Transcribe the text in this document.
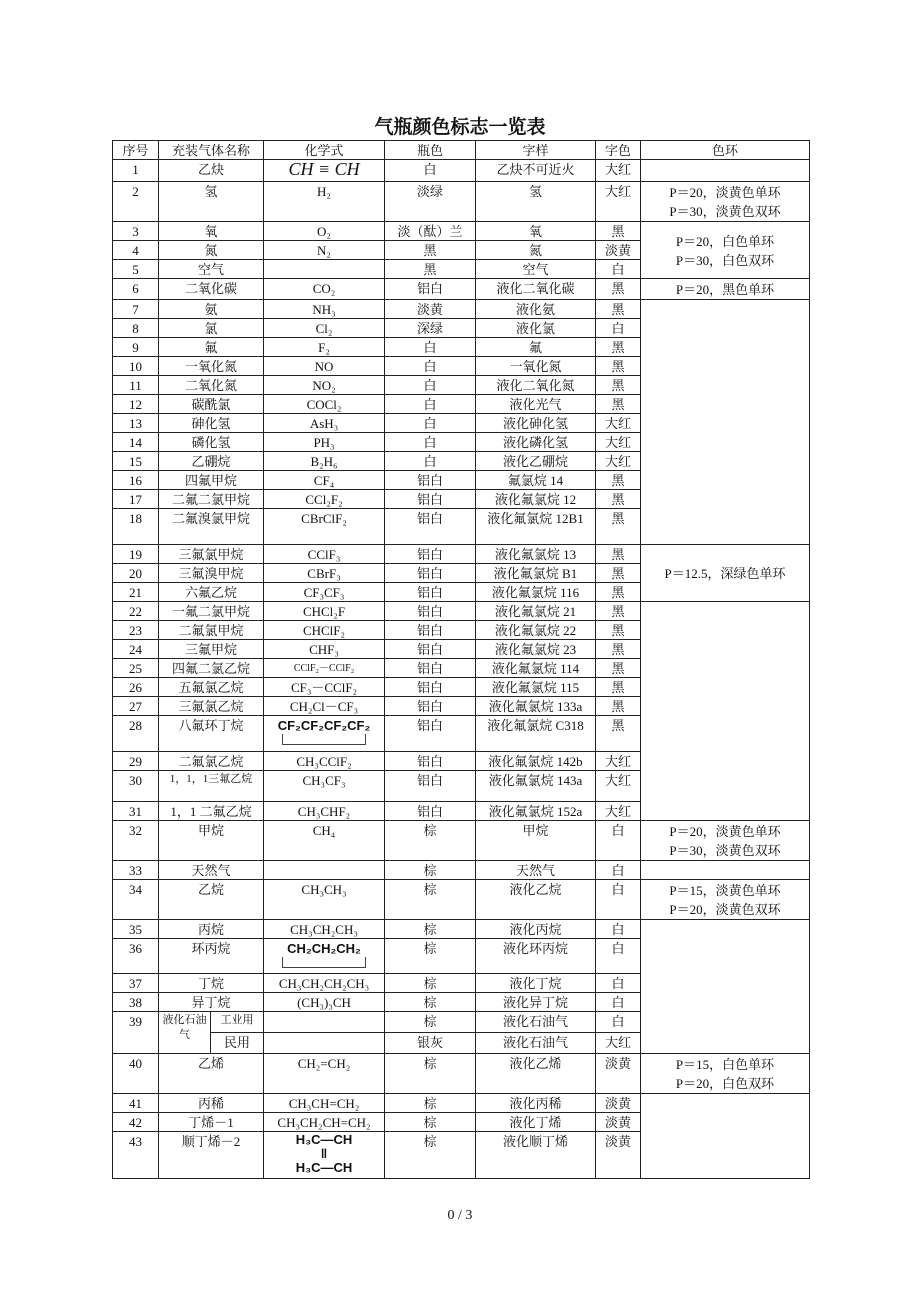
气瓶颜色标志一览表
序号	充装气体名称		化学式	瓶色	字样	字色	色环
1	乙炔		CH ≡ CH	白	乙炔不可近火	大红	
2	氢		H₂	淡绿	氢	大红	P＝20，淡黄色单环
P＝30，淡黄色双环

3	氧		O₂	淡（酞）兰	氧	黑	P＝20，白色单环
P＝30，白色双环

4	氮		N₂	黑	氮	淡黄	
5	空气			黑	空气	白	
6	二氧化碳		CO₂	铝白	液化二氧化碳	黑	P＝20，黑色单环

7	氨		NH₃	淡黄	液化氨	黑	
8	氯		Cl₂	深绿	液化氯	白	
9	氟		F₂	白	氟	黑	
10	一氧化氮		NO	白	一氧化氮	黑	
11	二氧化氮		NO₂	白	液化二氧化氮	黑	
12	碳酰氯		COCl₂	白	液化光气	黑	
13	砷化氢		AsH₃	白	液化砷化氢	大红	
14	磷化氢		PH₃	白	液化磷化氢	大红	
15	乙硼烷		B₂H₆	白	液化乙硼烷	大红	
16	四氟甲烷		CF₄	铝白	氟氯烷 14	黑	
17	二氟二氯甲烷		CCl₂F₂	铝白	液化氟氯烷 12	黑	
18	二氟溴氯甲烷		CBrClF₂	铝白	液化氟氯烷 12B1	黑	
19	三氟氯甲烷		CClF₃	铝白	液化氟氯烷 13	黑	P＝12.5，深绿色单环

20	三氟溴甲烷		CBrF₃	铝白	液化氟氯烷 B1	黑	
21	六氟乙烷		CF₃CF₃	铝白	液化氟氯烷 116	黑	
22	一氟二氯甲烷		CHCl₂F	铝白	液化氟氯烷 21	黑	
23	二氟氯甲烷		CHClF₂	铝白	液化氟氯烷 22	黑	
24	三氟甲烷		CHF₃	铝白	液化氟氯烷 23	黑	
25	四氟二氯乙烷		CClF₂－CClF₂	铝白	液化氟氯烷 114	黑	
26	五氟氯乙烷		CF₃－CClF₂	铝白	液化氟氯烷 115	黑	
27	三氟氯乙烷		CH₂Cl－CF₃	铝白	液化氟氯烷 133a	黑	
28	八氟环丁烷		CF₂CF₂CF₂CF₂	铝白	液化氟氯烷 C318	黑	
29	二氟氯乙烷		CH₃CClF₂	铝白	液化氟氯烷 142b	大红	
30	1，1，1三氟乙烷		CH₃CF₃	铝白	液化氟氯烷 143a	大红	
31	1，1 二氟乙烷		CH₃CHF₂	铝白	液化氟氯烷 152a	大红	
32	甲烷		CH₄	棕	甲烷	白	P＝20，淡黄色单环
P＝30，淡黄色双环

33	天然气			棕	天然气	白	
34	乙烷		CH₃CH₃	棕	液化乙烷	白	P＝15，淡黄色单环
P＝20，淡黄色双环

35	丙烷		CH₃CH₂CH₃	棕	液化丙烷	白	
36	环丙烷		CH₂CH₂CH₂	棕	液化环丙烷	白	
37	丁烷		CH₃CH₂CH₂CH₃	棕	液化丁烷	白	
38	异丁烷		(CH₃)₃CH	棕	液化异丁烷	白	
39	液化石油气	工业用		棕	液化石油气	白	
		民用		银灰	液化石油气	大红	
40	乙烯		CH₂=CH₂	棕	液化乙烯	淡黄	P＝15，白色单环
P＝20，白色双环

41	丙稀		CH₃CH=CH₂	棕	液化丙稀	淡黄	
42	丁烯－1		CH₃CH₂CH=CH₂	棕	液化丁烯	淡黄	
43	顺丁烯－2		H₃C—CH
‖
H₃C—CH	棕	液化顺丁烯	淡黄	
0 / 3
